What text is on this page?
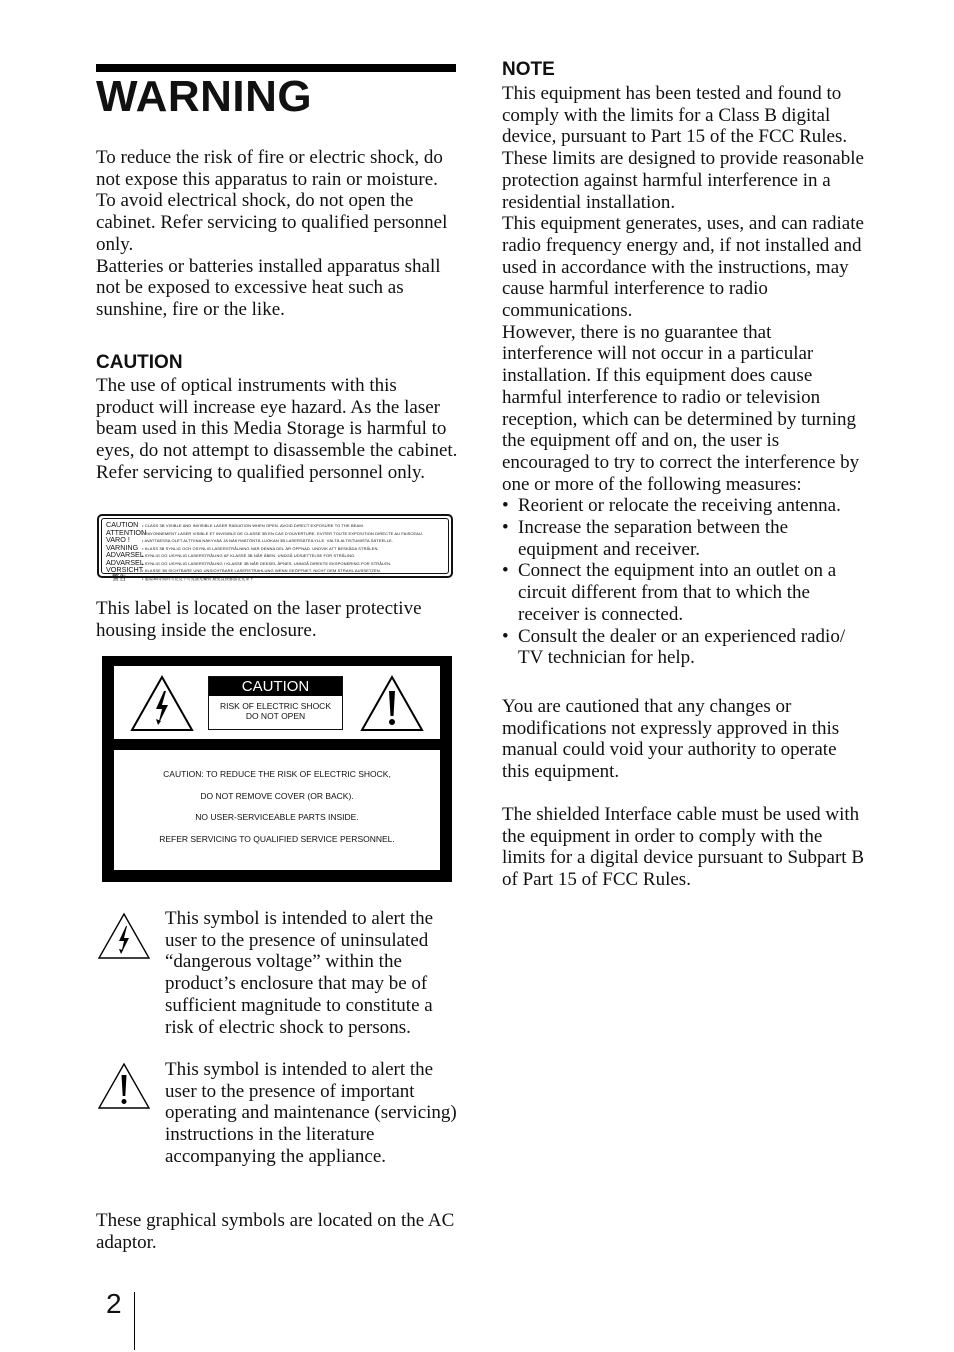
WARNING
To reduce the risk of fire or electric shock, do not expose this apparatus to rain or moisture.
To avoid electrical shock, do not open the cabinet. Refer servicing to qualified personnel only.
Batteries or batteries installed apparatus shall not be exposed to excessive heat such as sunshine, fire or the like.
CAUTION
The use of optical instruments with this product will increase eye hazard. As the laser beam used in this Media Storage is harmful to eyes, do not attempt to disassemble the cabinet.
Refer servicing to qualified personnel only.
CAUTION • CLASS 3B VISIBLE AND INVISIBLE LASER RADIATION WHEN OPEN. AVOID DIRECT EXPOSURE TO THE BEAM.
ATTENTION• RAYONNEMENT LASER VISIBLE ET INVISIBLE DE CLASSE 3B EN CAS D'OUVERTURE. EVITER TOUTE EXPOSITION DIRECTE AU FAISCEAU.
VARO !	• AVATTAESSA OLET ALTTIINA NÄKYVÄÄ JA NÄKYMÄTÖNTÄ LUOKAN 3B LASERSÄTEILYLLE. VÄLTÄ ALTISTUMISTA SÄTEELLE.
VARNING • KLASS 3B SYNLIG OCH OSYNLIG LASERSTRÅLNING NÄR DENNA DEL ÄR ÖPPNAD. UNDVIK ATT BESKÅDA STRÅLEN.
ADVARSEL• SYNLIG OG USYNLIG LASERSTRÅLING AF KLASSE 3B NÅR ÅBEN. UNDGÅ UDSÆTTELSE FOR STRÅLING.
ADVARSEL• SYNLIG OG USYNLIG LASERSTRÅLING I KLASSE 3B NÅR DEKSEL ÅPNES. UNNGÅ DIREKTE EKSPONERING FOR STRÅLEN.
VORSICHT• KLASSE 3B SICHTBARE UND UNSICHTBARE LASERSTRAHLUNG WENN GEÖFFNET. NICHT DEM STRAHL AUSSETZEN.
警告	• 還規3B等級的可見及不可見激光輻射 避免直接暴露在光束下
This label is located on the laser protective housing inside the enclosure.
CAUTION
RISK OF ELECTRIC SHOCK
DO NOT OPEN
CAUTION: TO REDUCE THE RISK OF ELECTRIC SHOCK,
DO NOT REMOVE COVER (OR BACK).
NO USER-SERVICEABLE PARTS INSIDE.
REFER SERVICING TO QUALIFIED SERVICE PERSONNEL.
This symbol is intended to alert the user to the presence of uninsulated “dangerous voltage” within the product’s enclosure that may be of sufficient magnitude to constitute a risk of electric shock to persons.
This symbol is intended to alert the user to the presence of important operating and maintenance (servicing) instructions in the literature accompanying the appliance.
These graphical symbols are located on the AC adaptor.
NOTE
This equipment has been tested and found to comply with the limits for a Class B digital device, pursuant to Part 15 of the FCC Rules. These limits are designed to provide reasonable protection against harmful interference in a residential installation.
This equipment generates, uses, and can radiate radio frequency energy and, if not installed and used in accordance with the instructions, may cause harmful interference to radio communications.
However, there is no guarantee that interference will not occur in a particular installation. If this equipment does cause harmful interference to radio or television reception, which can be determined by turning the equipment off and on, the user is encouraged to try to correct the interference by one or more of the following measures:
• Reorient or relocate the receiving antenna.
• Increase the separation between the equipment and receiver.
• Connect the equipment into an outlet on a circuit different from that to which the receiver is connected.
• Consult the dealer or an experienced radio/ TV technician for help.
You are cautioned that any changes or modifications not expressly approved in this manual could void your authority to operate this equipment.
The shielded Interface cable must be used with the equipment in order to comply with the limits for a digital device pursuant to Subpart B of Part 15 of FCC Rules.
2
